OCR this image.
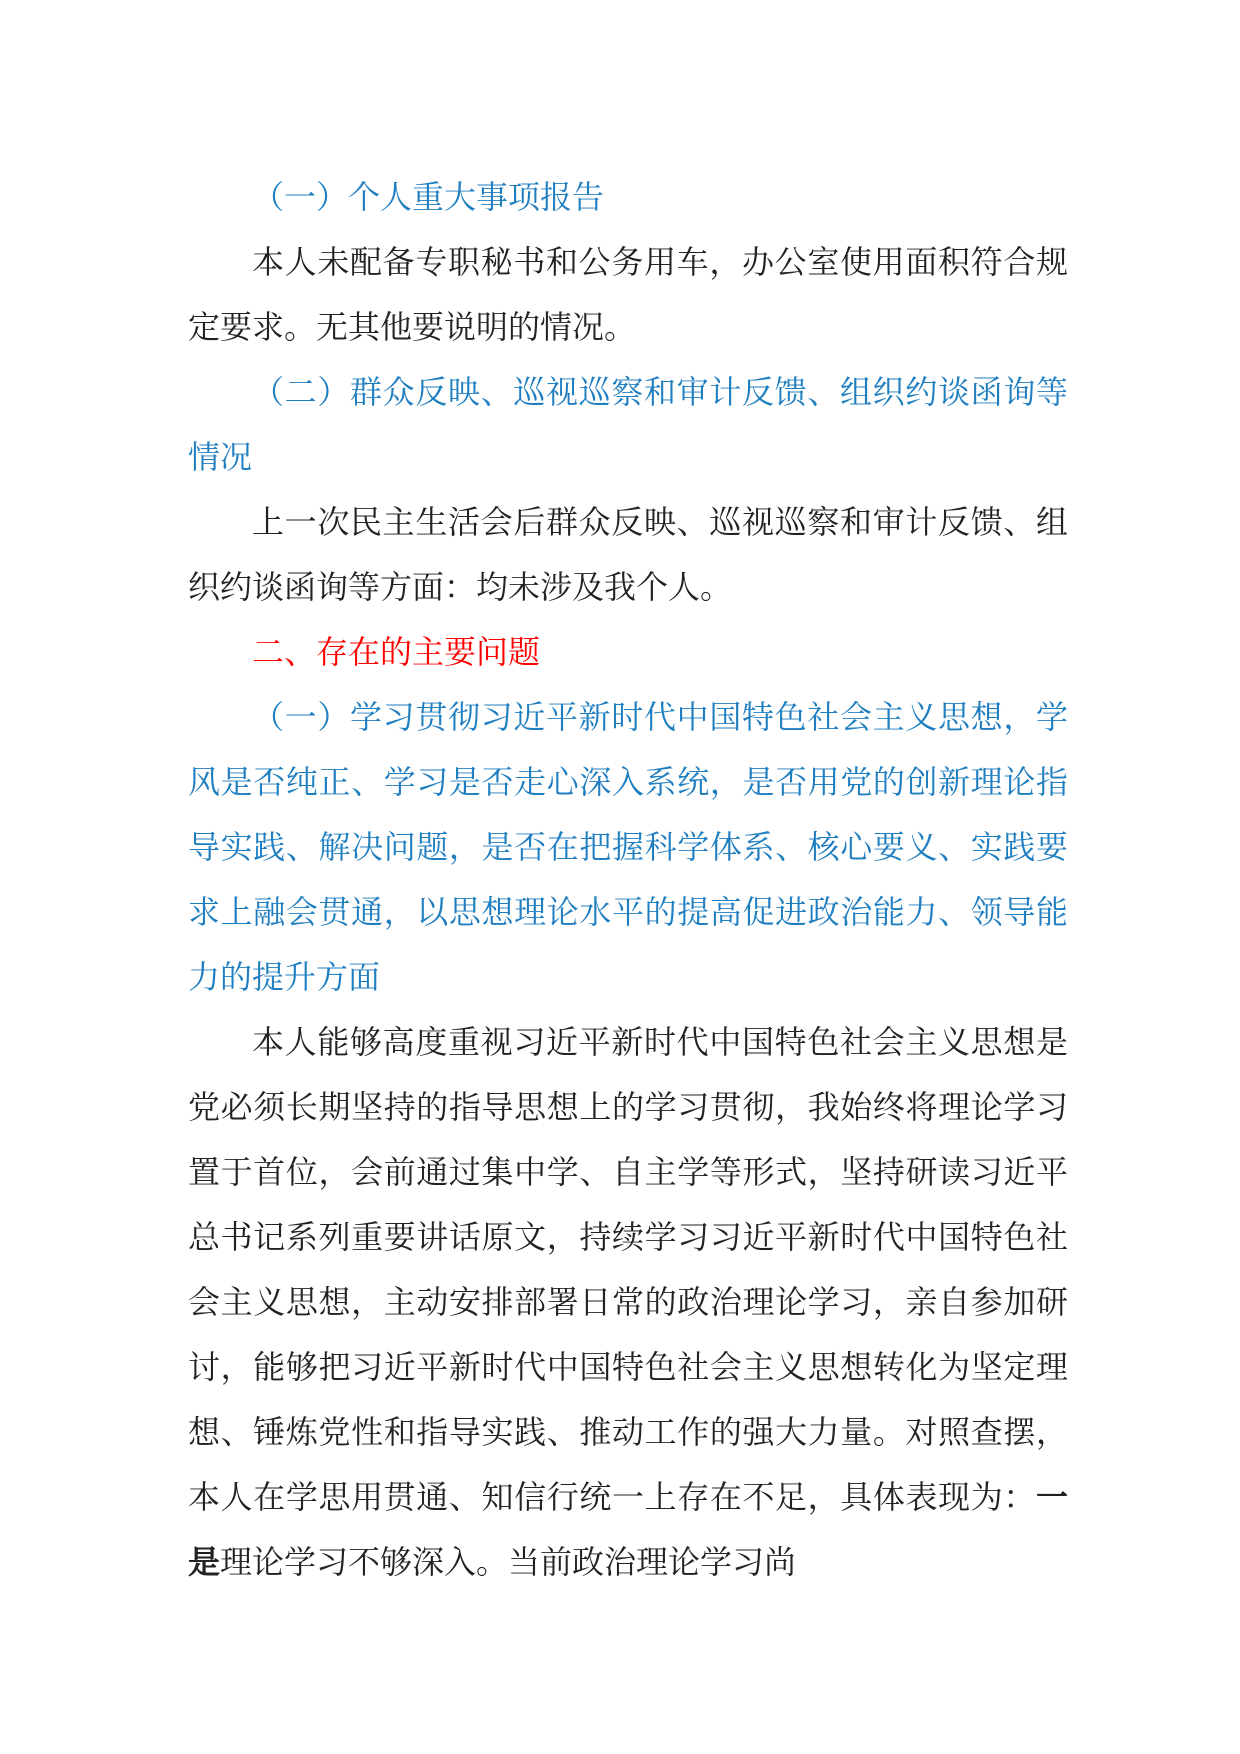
（一）个人重大事项报告

本人未配备专职秘书和公务用车，办公室使用面积符合规定要求。无其他要说明的情况。

（二）群众反映、巡视巡察和审计反馈、组织约谈函询等情况

上一次民主生活会后群众反映、巡视巡察和审计反馈、组织约谈函询等方面：均未涉及我个人。

二、存在的主要问题

（一）学习贯彻习近平新时代中国特色社会主义思想，学风是否纯正、学习是否走心深入系统，是否用党的创新理论指导实践、解决问题，是否在把握科学体系、核心要义、实践要求上融会贯通，以思想理论水平的提高促进政治能力、领导能力的提升方面

本人能够高度重视习近平新时代中国特色社会主义思想是党必须长期坚持的指导思想上的学习贯彻，我始终将理论学习置于首位，会前通过集中学、自主学等形式，坚持研读习近平总书记系列重要讲话原文，持续学习习近平新时代中国特色社会主义思想，主动安排部署日常的政治理论学习，亲自参加研讨，能够把习近平新时代中国特色社会主义思想转化为坚定理想、锤炼党性和指导实践、推动工作的强大力量。对照查摆，本人在学思用贯通、知信行统一上存在不足，具体表现为：一是理论学习不够深入。当前政治理论学习尚
